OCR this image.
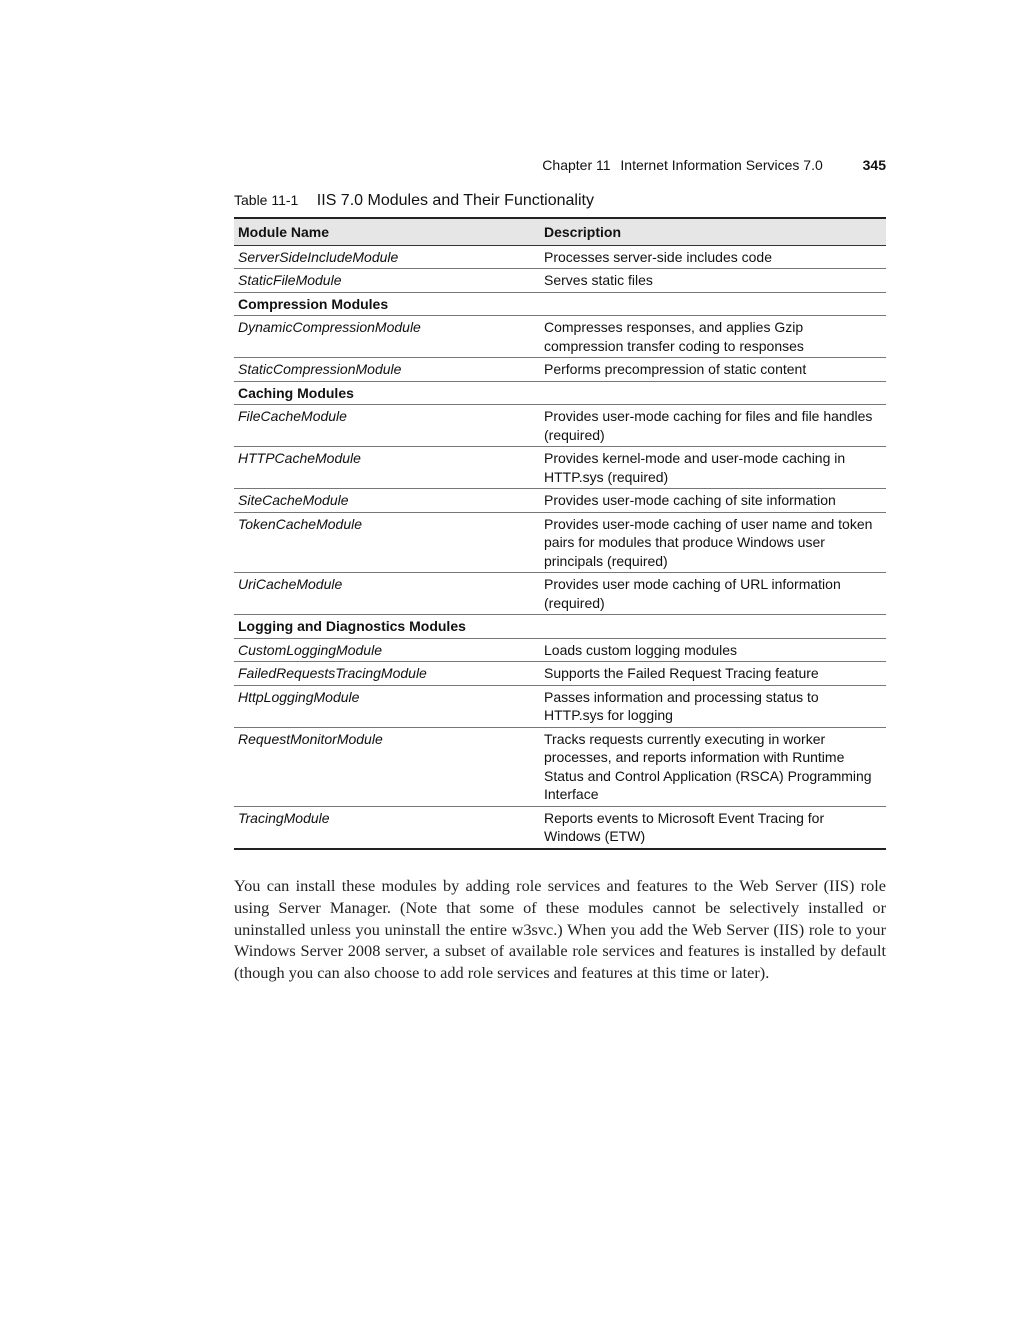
Chapter 11 Internet Information Services 7.0	345
Table 11-1 IIS 7.0 Modules and Their Functionality
Module Name	Description
ServerSideIncludeModule	Processes server-side includes code
StaticFileModule	Serves static files
Compression Modules	
DynamicCompressionModule	Compresses responses, and applies Gzip compression transfer coding to responses
StaticCompressionModule	Performs precompression of static content
Caching Modules	
FileCacheModule	Provides user-mode caching for files and file handles (required)
HTTPCacheModule	Provides kernel-mode and user-mode caching in HTTP.sys (required)
SiteCacheModule	Provides user-mode caching of site information
TokenCacheModule	Provides user-mode caching of user name and token pairs for modules that produce Windows user principals (required)
UriCacheModule	Provides user mode caching of URL information (required)
Logging and Diagnostics Modules	
CustomLoggingModule	Loads custom logging modules
FailedRequestsTracingModule	Supports the Failed Request Tracing feature
HttpLoggingModule	Passes information and processing status to HTTP.sys for logging
RequestMonitorModule	Tracks requests currently executing in worker processes, and reports information with Runtime Status and Control Application (RSCA) Programming Interface
TracingModule	Reports events to Microsoft Event Tracing for Windows (ETW)

You can install these modules by adding role services and features to the Web Server (IIS) role using Server Manager. (Note that some of these modules cannot be selectively installed or uninstalled unless you uninstall the entire w3svc.) When you add the Web Server (IIS) role to your Windows Server 2008 server, a subset of available role services and features is installed by default (though you can also choose to add role services and features at this time or later).
